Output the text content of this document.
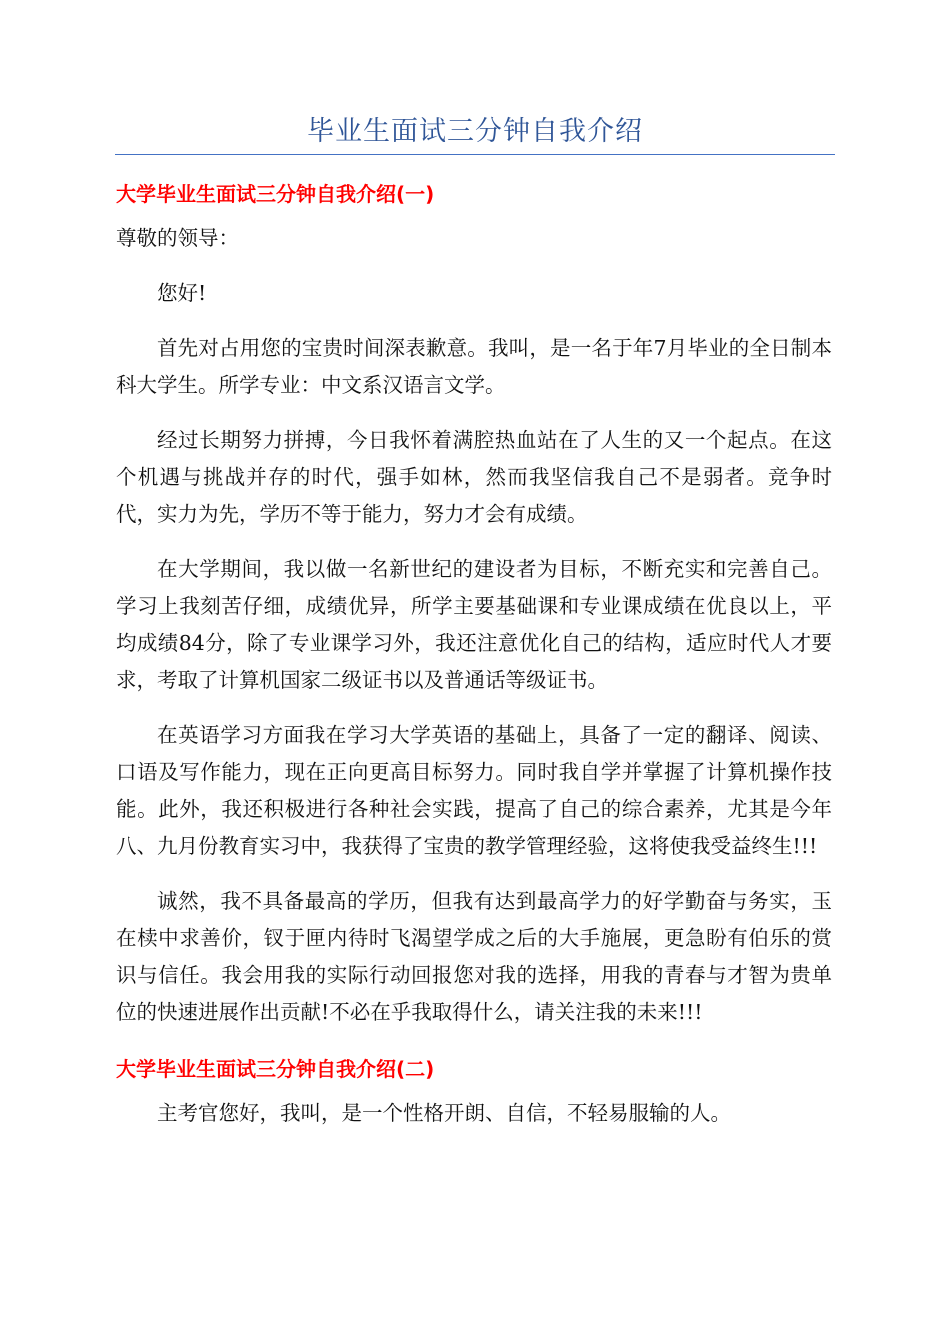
毕业生面试三分钟自我介绍
大学毕业生面试三分钟自我介绍(一)

尊敬的领导：

您好!

首先对占用您的宝贵时间深表歉意。我叫，是一名于年7月毕业的全日制本科大学生。所学专业：中文系汉语言文学。

经过长期努力拼搏，今日我怀着满腔热血站在了人生的又一个起点。在这个机遇与挑战并存的时代，强手如林，然而我坚信我自己不是弱者。竞争时代，实力为先，学历不等于能力，努力才会有成绩。

在大学期间，我以做一名新世纪的建设者为目标，不断充实和完善自己。学习上我刻苦仔细，成绩优异，所学主要基础课和专业课成绩在优良以上，平均成绩84分，除了专业课学习外，我还注意优化自己的结构，适应时代人才要求，考取了计算机国家二级证书以及普通话等级证书。

在英语学习方面我在学习大学英语的基础上，具备了一定的翻译、阅读、口语及写作能力，现在正向更高目标努力。同时我自学并掌握了计算机操作技能。此外，我还积极进行各种社会实践，提高了自己的综合素养，尤其是今年八、九月份教育实习中，我获得了宝贵的教学管理经验，这将使我受益终生!!!

诚然，我不具备最高的学历，但我有达到最高学力的好学勤奋与务实，玉在椟中求善价，钗于匣内待时飞渴望学成之后的大手施展，更急盼有伯乐的赏识与信任。我会用我的实际行动回报您对我的选择，用我的青春与才智为贵单位的快速进展作出贡献!不必在乎我取得什么，请关注我的未来!!!

大学毕业生面试三分钟自我介绍(二)

主考官您好，我叫，是一个性格开朗、自信，不轻易服输的人。
